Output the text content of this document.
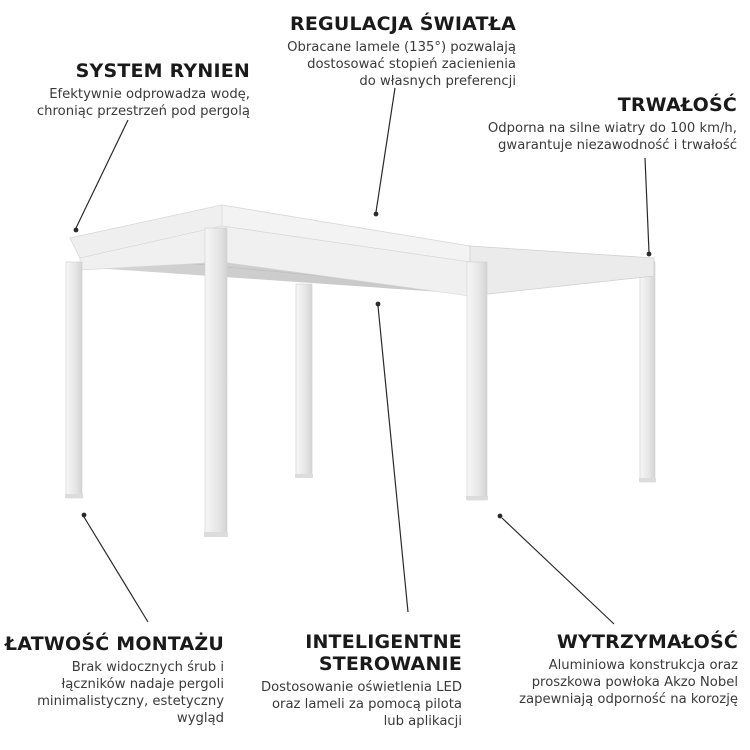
REGULACJA ŚWIATŁA

Obracane lamele (135°) pozwalają
dostosować stopień zacienienia
do własnych preferencji

SYSTEM RYNIEN

Efektywnie odprowadza wodę,
chroniąc przestrzeń pod pergolą	TRWAŁOŚĆ

Odporna na silne wiatry do 100 km/h,
gwarantuje niezawodność i trwałość

ŁATWOŚĆ MONTAŻU

Brak widocznych śrub i
łączników nadaje pergoli
minimalistyczny, estetyczny
wygląd

INTELIGENTNE
STEROWANIE

Dostosowanie oświetlenia LED
oraz lameli za pomocą pilota
lub aplikacji

WYTRZYMAŁOŚĆ

Aluminiowa konstrukcja oraz
proszkowa powłoka Akzo Nobel
zapewniają odporność na korozję
